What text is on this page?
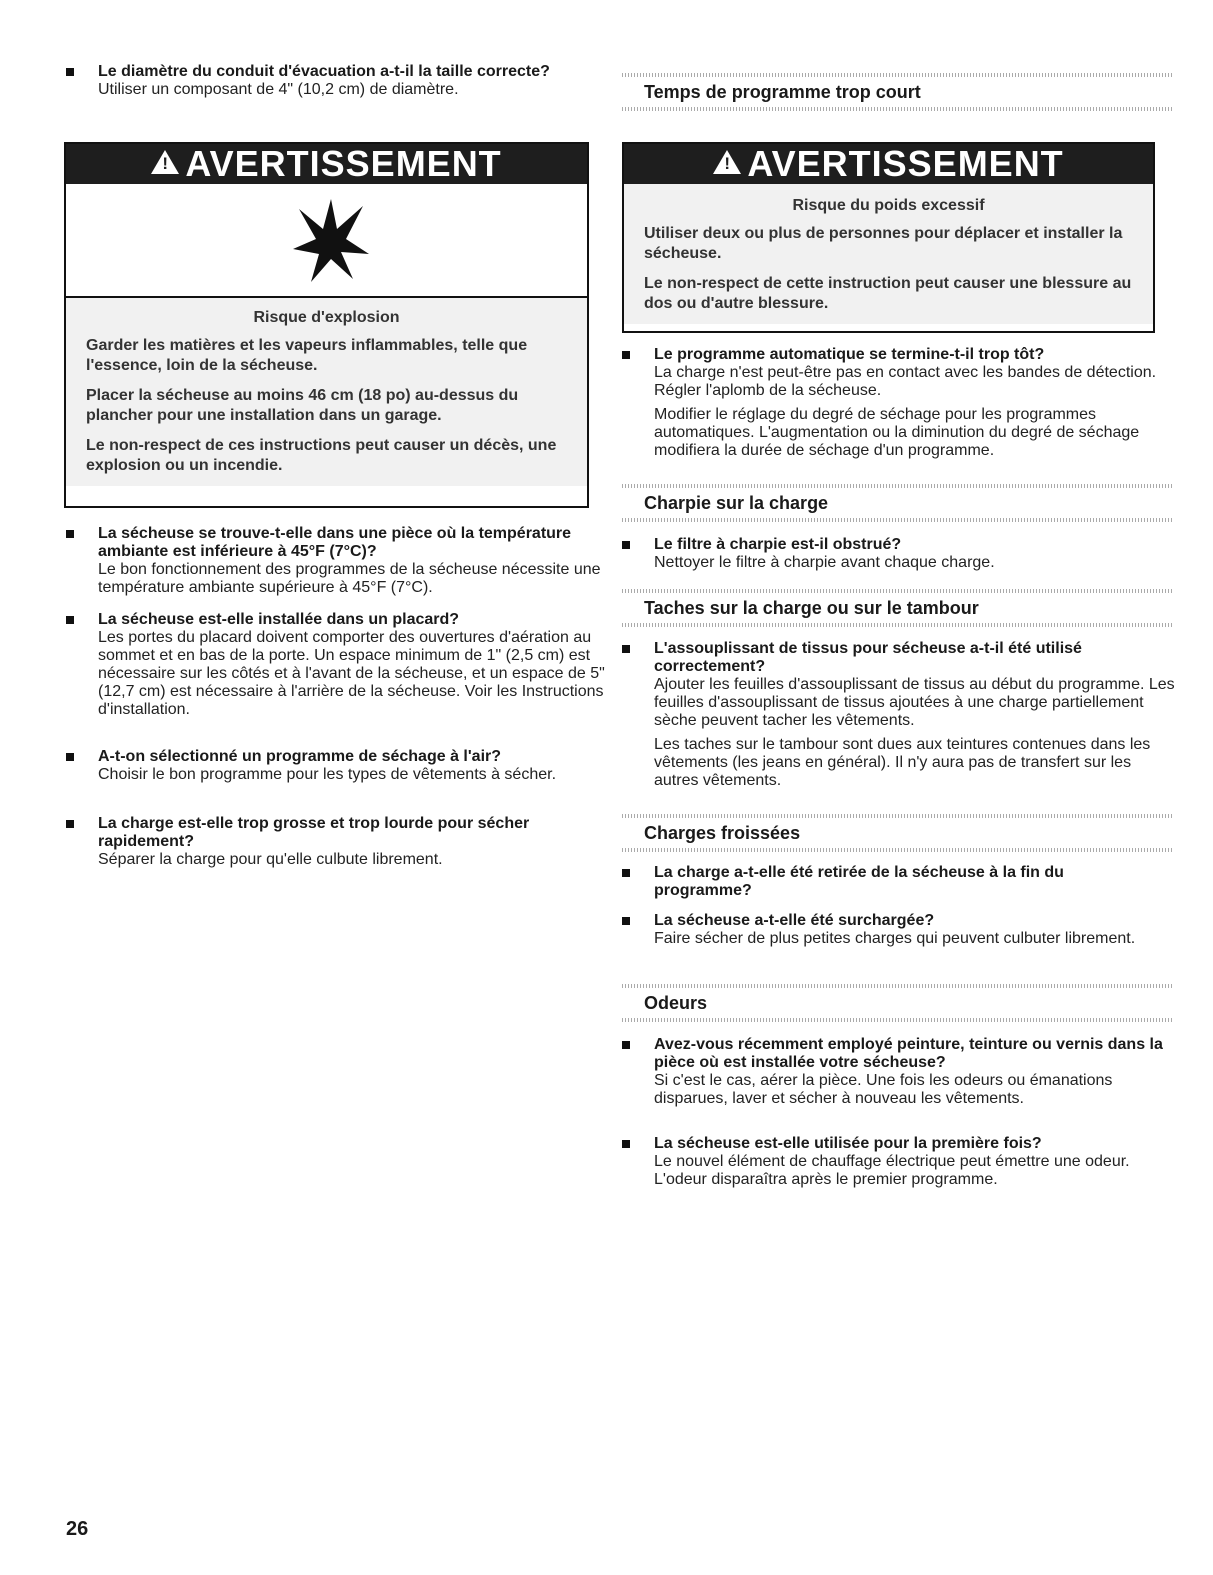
Le diamètre du conduit d'évacuation a-t-il la taille correcte?
Utiliser un composant de 4" (10,2 cm) de diamètre.
!AVERTISSEMENT
Risque d'explosion

Garder les matières et les vapeurs inflammables, telle que l'essence, loin de la sécheuse.

Placer la sécheuse au moins 46 cm (18 po) au-dessus du plancher pour une installation dans un garage.

Le non-respect de ces instructions peut causer un décès, une explosion ou un incendie.

La sécheuse se trouve-t-elle dans une pièce où la température ambiante est inférieure à 45°F (7°C)?
Le bon fonctionnement des programmes de la sécheuse nécessite une température ambiante supérieure à 45°F (7°C).
La sécheuse est-elle installée dans un placard?
Les portes du placard doivent comporter des ouvertures d'aération au sommet et en bas de la porte. Un espace minimum de 1" (2,5 cm) est nécessaire sur les côtés et à l'avant de la sécheuse, et un espace de 5" (12,7 cm) est nécessaire à l'arrière de la sécheuse. Voir les Instructions d'installation.
A-t-on sélectionné un programme de séchage à l'air?
Choisir le bon programme pour les types de vêtements à sécher.
La charge est-elle trop grosse et trop lourde pour sécher rapidement?
Séparer la charge pour qu'elle culbute librement.
Temps de programme trop court
!AVERTISSEMENT
Risque du poids excessif

Utiliser deux ou plus de personnes pour déplacer et installer la sécheuse.

Le non-respect de cette instruction peut causer une blessure au dos ou d'autre blessure.

Le programme automatique se termine-t-il trop tôt?
La charge n'est peut-être pas en contact avec les bandes de détection. Régler l'aplomb de la sécheuse.
Modifier le réglage du degré de séchage pour les programmes automatiques. L'augmentation ou la diminution du degré de séchage modifiera la durée de séchage d'un programme.
Charpie sur la charge
Le filtre à charpie est-il obstrué?
Nettoyer le filtre à charpie avant chaque charge.
Taches sur la charge ou sur le tambour
L'assouplissant de tissus pour sécheuse a-t-il été utilisé correctement?
Ajouter les feuilles d'assouplissant de tissus au début du programme. Les feuilles d'assouplissant de tissus ajoutées à une charge partiellement sèche peuvent tacher les vêtements.
Les taches sur le tambour sont dues aux teintures contenues dans les vêtements (les jeans en général). Il n'y aura pas de transfert sur les autres vêtements.
Charges froissées
La charge a-t-elle été retirée de la sécheuse à la fin du programme?
La sécheuse a-t-elle été surchargée?
Faire sécher de plus petites charges qui peuvent culbuter librement.
Odeurs
Avez-vous récemment employé peinture, teinture ou vernis dans la pièce où est installée votre sécheuse?
Si c'est le cas, aérer la pièce. Une fois les odeurs ou émanations disparues, laver et sécher à nouveau les vêtements.
La sécheuse est-elle utilisée pour la première fois?
Le nouvel élément de chauffage électrique peut émettre une odeur. L'odeur disparaîtra après le premier programme.
26
